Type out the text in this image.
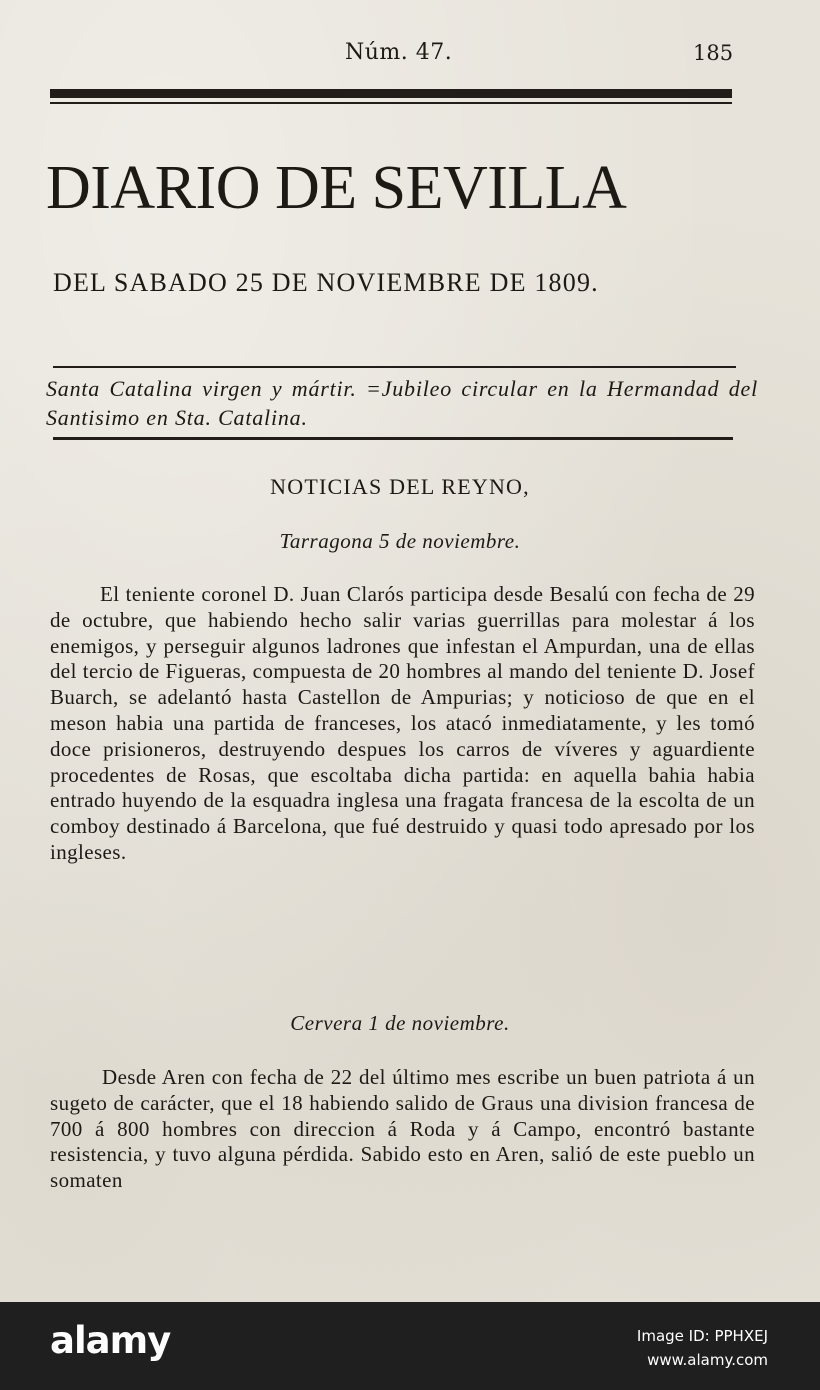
Núm. 47.	185
DIARIO DE SEVILLA
DEL SABADO 25 DE NOVIEMBRE DE 1809.
Santa Catalina virgen y mártir. =Jubileo circular en la Hermandad del Santisimo en Sta. Catalina.
NOTICIAS DEL REYNO,
Tarragona 5 de noviembre.
El teniente coronel D. Juan Clarós participa desde Besalú con fecha de 29 de octubre, que habiendo hecho salir varias guerrillas para molestar á los enemigos, y perseguir algunos ladrones que infestan el Ampurdan, una de ellas del tercio de Figueras, compuesta de 20 hombres al mando del teniente D. Josef Buarch, se adelantó hasta Castellon de Ampurias; y noticioso de que en el meson habia una partida de franceses, los atacó inmediatamente, y les tomó doce prisioneros, destruyendo despues los carros de víveres y aguardiente procedentes de Rosas, que escoltaba dicha partida: en aquella bahia habia entrado huyendo de la esquadra inglesa una fragata francesa de la escolta de un comboy destinado á Barcelona, que fué destruido y quasi todo apresado por los ingleses.
Cervera 1 de noviembre.
Desde Aren con fecha de 22 del último mes escribe un buen patriota á un sugeto de carácter, que el 18 habiendo salido de Graus una division francesa de 700 á 800 hombres con direccion á Roda y á Campo, encontró bastante resistencia, y tuvo alguna pérdida. Sabido esto en Aren, salió de este pueblo un somaten
alamy	Image ID: PPHXEJ
www.alamy.com
